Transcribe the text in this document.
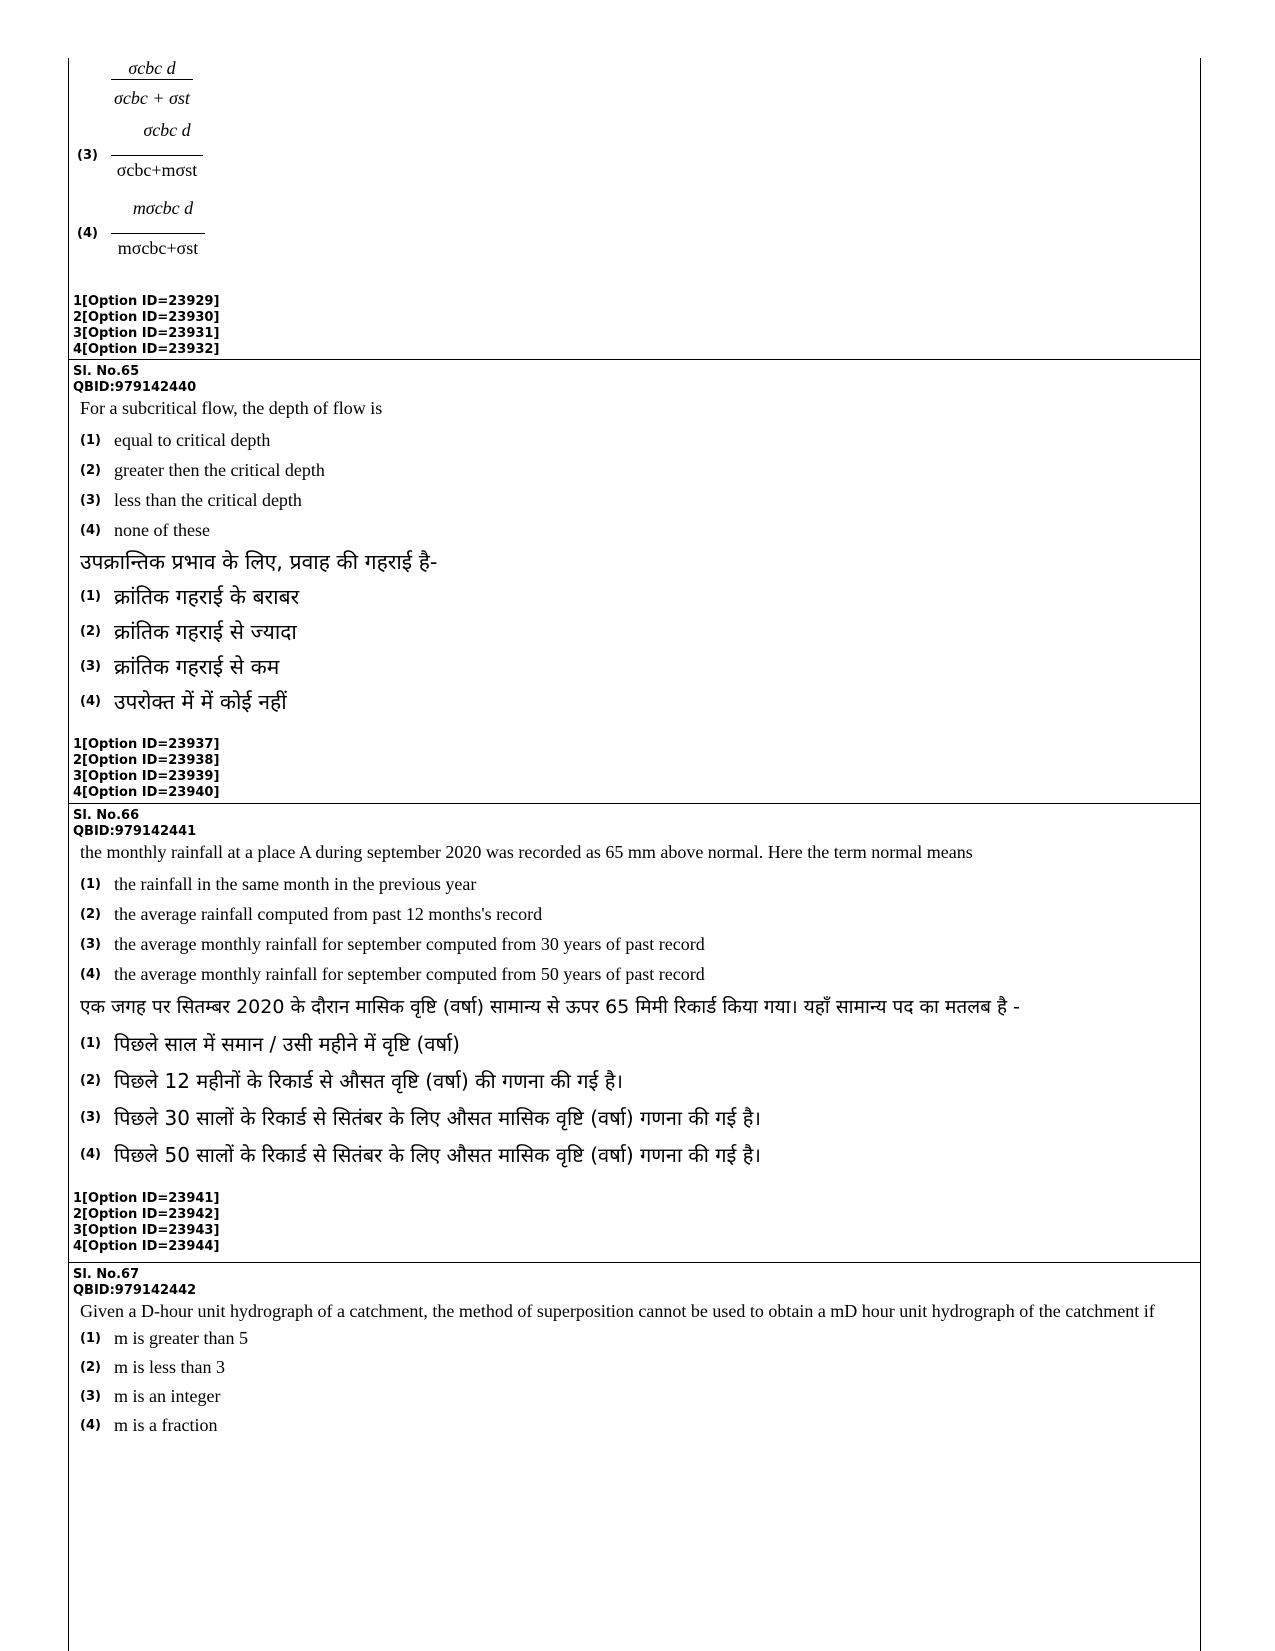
$\frac{\text{σcbc d}}{\text{σcbc + σst}}$
$(3) \frac{\text{σcbc d}}{\text{σcbc+mσst}}$
$(4) \frac{\text{mσcbc d}}{\text{mσcbc+σst}}$
1[Option ID=23929]
2[Option ID=23930]
3[Option ID=23931]
4[Option ID=23932]
Sl. No.65
QBID:979142440
For a subcritical flow, the depth of flow is
(1) equal to critical depth
(2) greater then the critical depth
(3) less than the critical depth
(4) none of these
उपक्रान्तिक प्रभाव के लिए, प्रवाह की गहराई है-
(1) क्रांतिक गहराई के बराबर
(2) क्रांतिक गहराई से ज्यादा
(3) क्रांतिक गहराई से कम
(4) उपरोक्त में में कोई नहीं
1[Option ID=23937]
2[Option ID=23938]
3[Option ID=23939]
4[Option ID=23940]
Sl. No.66
QBID:979142441
the monthly rainfall at a place A during september 2020 was recorded as 65 mm above normal. Here the term normal means
(1) the rainfall in the same month in the previous year
(2) the average rainfall computed from past 12 months's record
(3) the average monthly rainfall for september computed from 30 years of past record
(4) the average monthly rainfall for september computed from 50 years of past record
एक जगह पर सितम्बर 2020 के दौरान मासिक वृष्टि (वर्षा) सामान्य से ऊपर 65 मिमी रिकार्ड किया गया। यहाँ सामान्य पद का मतलब है -
(1) पिछले साल में समान / उसी महीने में वृष्टि (वर्षा)
(2) पिछले 12 महीनों के रिकार्ड से औसत वृष्टि (वर्षा) की गणना की गई है।
(3) पिछले 30 सालों के रिकार्ड से सितंबर के लिए औसत मासिक वृष्टि (वर्षा) गणना की गई है।
(4) पिछले 50 सालों के रिकार्ड से सितंबर के लिए औसत मासिक वृष्टि (वर्षा) गणना की गई है।
1[Option ID=23941]
2[Option ID=23942]
3[Option ID=23943]
4[Option ID=23944]
Sl. No.67
QBID:979142442
Given a D-hour unit hydrograph of a catchment, the method of superposition cannot be used to obtain a mD hour unit hydrograph of the catchment if
(1) m is greater than 5
(2) m is less than 3
(3) m is an integer
(4) m is a fraction
